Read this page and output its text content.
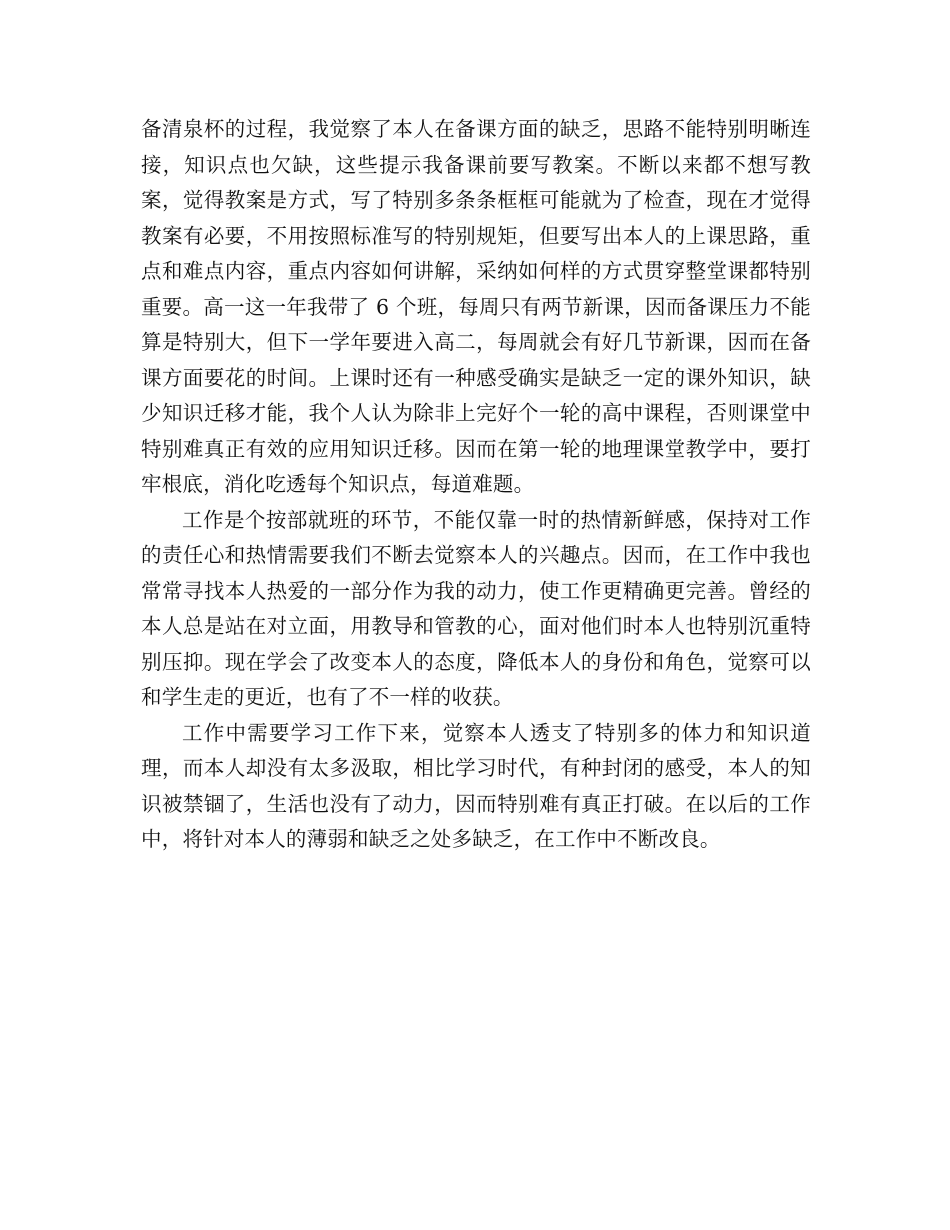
备清泉杯的过程，我觉察了本人在备课方面的缺乏，思路不能特别明晰连接，知识点也欠缺，这些提示我备课前要写教案。不断以来都不想写教案，觉得教案是方式，写了特别多条条框框可能就为了检查，现在才觉得教案有必要，不用按照标准写的特别规矩，但要写出本人的上课思路，重点和难点内容，重点内容如何讲解，采纳如何样的方式贯穿整堂课都特别重要。高一这一年我带了 6 个班，每周只有两节新课，因而备课压力不能算是特别大，但下一学年要进入高二，每周就会有好几节新课，因而在备课方面要花的时间。上课时还有一种感受确实是缺乏一定的课外知识，缺少知识迁移才能，我个人认为除非上完好个一轮的高中课程，否则课堂中特别难真正有效的应用知识迁移。因而在第一轮的地理课堂教学中，要打牢根底，消化吃透每个知识点，每道难题。

工作是个按部就班的环节，不能仅靠一时的热情新鲜感，保持对工作的责任心和热情需要我们不断去觉察本人的兴趣点。因而，在工作中我也常常寻找本人热爱的一部分作为我的动力，使工作更精确更完善。曾经的本人总是站在对立面，用教导和管教的心，面对他们时本人也特别沉重特别压抑。现在学会了改变本人的态度，降低本人的身份和角色，觉察可以和学生走的更近，也有了不一样的收获。

工作中需要学习工作下来，觉察本人透支了特别多的体力和知识道理，而本人却没有太多汲取，相比学习时代，有种封闭的感受，本人的知识被禁锢了，生活也没有了动力，因而特别难有真正打破。在以后的工作中，将针对本人的薄弱和缺乏之处多缺乏，在工作中不断改良。
